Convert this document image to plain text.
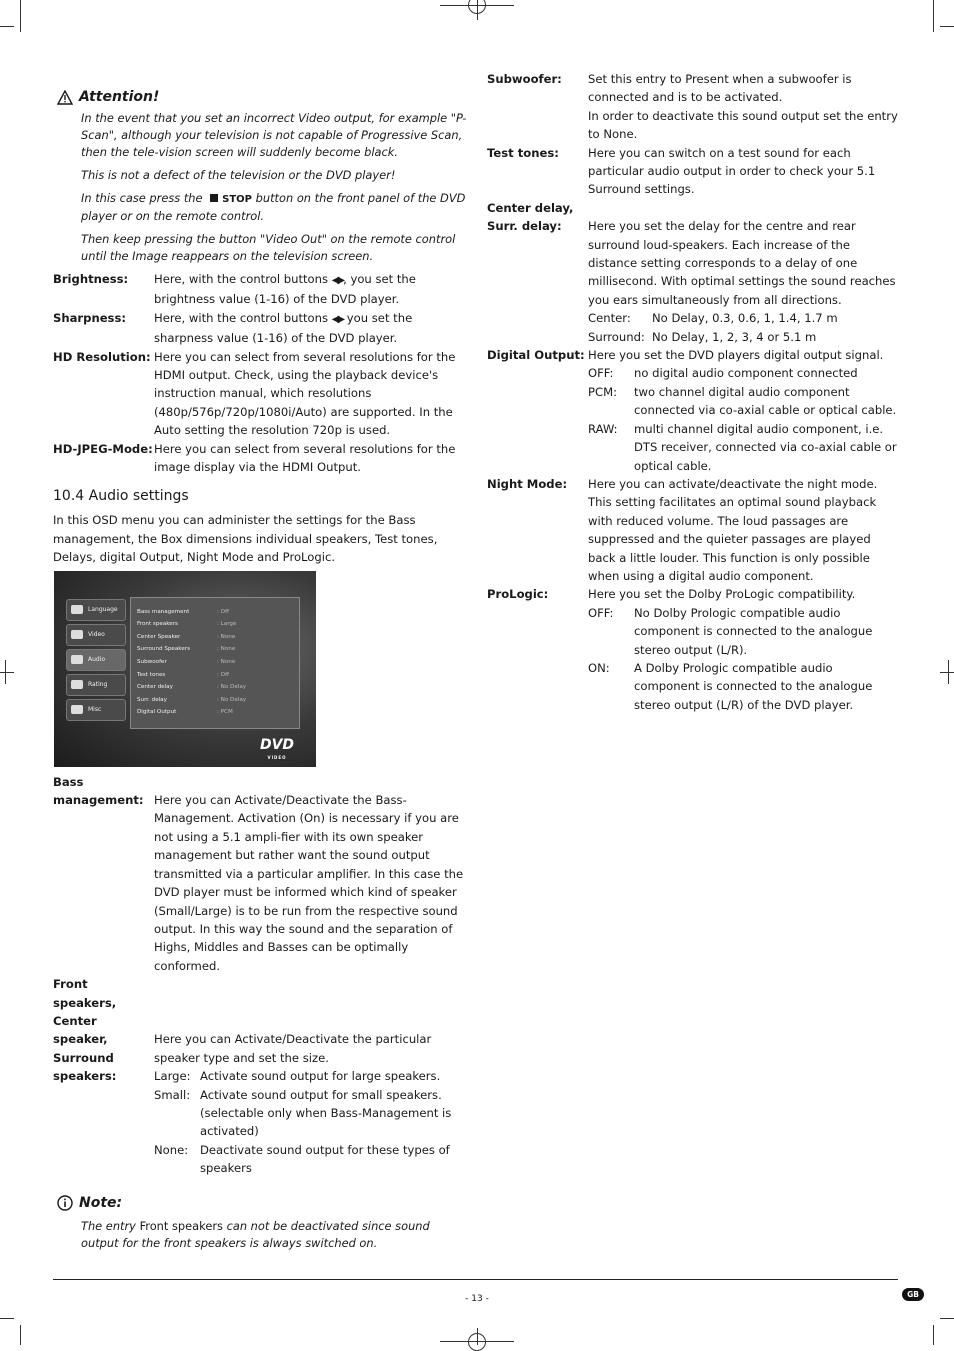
Attention!

In the event that you set an incorrect Video output, for example "P-Scan", although your television is not capable of Progressive Scan, then the tele-vision screen will suddenly become black.

This is not a defect of the television or the DVD player!

In this case press the STOP button on the front panel of the DVD player or on the remote control.

Then keep pressing the button "Video Out" on the remote control until the Image reappears on the television screen.

Brightness:	Here, with the control buttons ◀▶, you set the brightness value (1-16) of the DVD player.
Sharpness:	Here, with the control buttons ◀▶ you set the sharpness value (1-16) of the DVD player.
HD Resolution: Here you can select from several resolutions for the HDMI output. Check, using the playback device's instruction manual, which resolutions (480p/576p/720p/1080i/Auto) are supported. In the Auto setting the resolution 720p is used.
HD-JPEG-Mode: Here you can select from several resolutions for the image display via the HDMI Output.
10.4 Audio settings
In this OSD menu you can administer the settings for the Bass management, the Box dimensions individual speakers, Test tones, Delays, digital Output, Night Mode and ProLogic.
Language
Video
Audio
Rating
Misc
Bass management	: Off
Front speakers	: Large
Center Speaker	: None
Surround Speakers	: None
Subwoofer	: None
Test tones	: Off
Center delay	: No Delay
Surr. delay	: No Delay
Digital Output	: PCM
DVD
VIDEO
Bass
management: Here you can Activate/Deactivate the Bass-Management. Activation (On) is necessary if you are not using a 5.1 ampli-fier with its own speaker management but rather want the sound output transmitted via a particular amplifier. In this case the DVD player must be informed which kind of speaker (Small/Large) is to be run from the respective sound output. In this way the sound and the separation of Highs, Middles and Basses can be optimally conformed.
Front speakers,
Center speaker,
Surround
speakers:
Here you can Activate/Deactivate the particular speaker type and set the size.
Large: Activate sound output for large speakers.
Small: Activate sound output for small speakers. (selectable only when Bass-Management is activated)
None:	Deactivate sound output for these types of speakers
Note:

The entry Front speakers can not be deactivated since sound output for the front speakers is always switched on.

Subwoofer:	Set this entry to Present when a subwoofer is connected and is to be activated.
In order to deactivate this sound output set the entry to None.
Test tones:	Here you can switch on a test sound for each particular audio output in order to check your 5.1 Surround settings.
Center delay,
Surr. delay:	Here you set the delay for the centre and rear surround loud-speakers. Each increase of the distance setting corresponds to a delay of one millisecond. With optimal settings the sound reaches you ears simultaneously from all directions.
Center:	No Delay, 0.3, 0.6, 1, 1.4, 1.7 m
Surround: No Delay, 1, 2, 3, 4 or 5.1 m
Digital Output: Here you set the DVD players digital output signal.
OFF:	no digital audio component connected
PCM:	two channel digital audio component connected via co-axial cable or optical cable.
RAW:	multi channel digital audio component, i.e. DTS receiver, connected via co-axial cable or optical cable.
Night Mode:	Here you can activate/deactivate the night mode. This setting facilitates an optimal sound playback with reduced volume. The loud passages are suppressed and the quieter passages are played back a little louder. This function is only possible when using a digital audio component.
ProLogic:	Here you set the Dolby ProLogic compatibility.
OFF:	No Dolby Prologic compatible audio component is connected to the analogue stereo output (L/R).
ON:	A Dolby Prologic compatible audio component is connected to the analogue stereo output (L/R) of the DVD player.
- 13 -	GB
